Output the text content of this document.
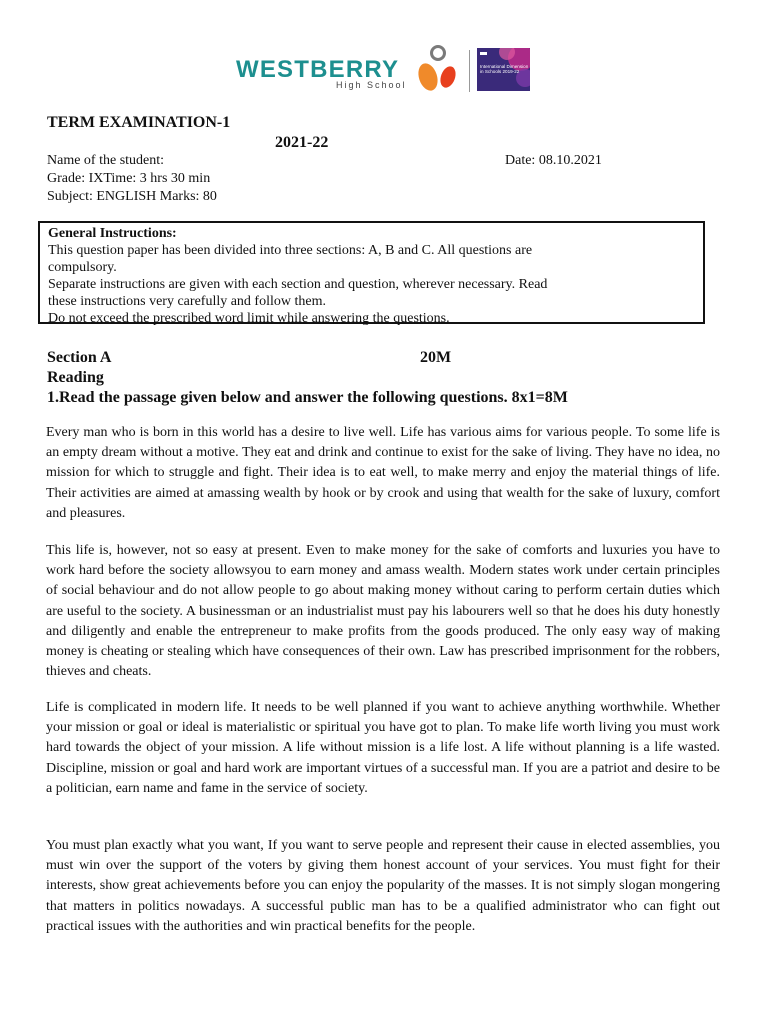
WESTBERRY
High School
International Dimension in Schools 2019-22
TERM EXAMINATION-1
2021-22
Name of the student:	Date: 08.10.2021
Grade: IXTime: 3 hrs 30 min
Subject: ENGLISH Marks: 80
General Instructions:
This question paper has been divided into three sections: A, B and C. All questions are
compulsory.
Separate instructions are given with each section and question, wherever necessary. Read
these instructions very carefully and follow them.
Do not exceed the prescribed word limit while answering the questions.
Section A	20M
Reading
1.Read the passage given below and answer the following questions. 8x1=8M

Every man who is born in this world has a desire to live well. Life has various aims for various people. To some life is an empty dream without a motive. They eat and drink and continue to exist for the sake of living. They have no idea, no mission for which to struggle and fight. Their idea is to eat well, to make merry and enjoy the material things of life. Their activities are aimed at amassing wealth by hook or by crook and using that wealth for the sake of luxury, comfort and pleasures.

This life is, however, not so easy at present. Even to make money for the sake of comforts and luxuries you have to work hard before the society allowsyou to earn money and amass wealth. Modern states work under certain principles of social behaviour and do not allow people to go about making money without caring to perform certain duties which are useful to the society. A businessman or an industrialist must pay his labourers well so that he does his duty honestly and diligently and enable the entrepreneur to make profits from the goods produced. The only easy way of making money is cheating or stealing which have consequences of their own. Law has prescribed imprisonment for the robbers, thieves and cheats.

Life is complicated in modern life. It needs to be well planned if you want to achieve anything worthwhile. Whether your mission or goal or ideal is materialistic or spiritual you have got to plan. To make life worth living you must work hard towards the object of your mission. A life without mission is a life lost. A life without planning is a life wasted. Discipline, mission or goal and hard work are important virtues of a successful man. If you are a patriot and desire to be a politician, earn name and fame in the service of society.

You must plan exactly what you want, If you want to serve people and represent their cause in elected assemblies, you must win over the support of the voters by giving them honest account of your services. You must fight for their interests, show great achievements before you can enjoy the popularity of the masses. It is not simply slogan mongering that matters in politics nowadays. A successful public man has to be a qualified administrator who can fight out practical issues with the authorities and win practical benefits for the people.
